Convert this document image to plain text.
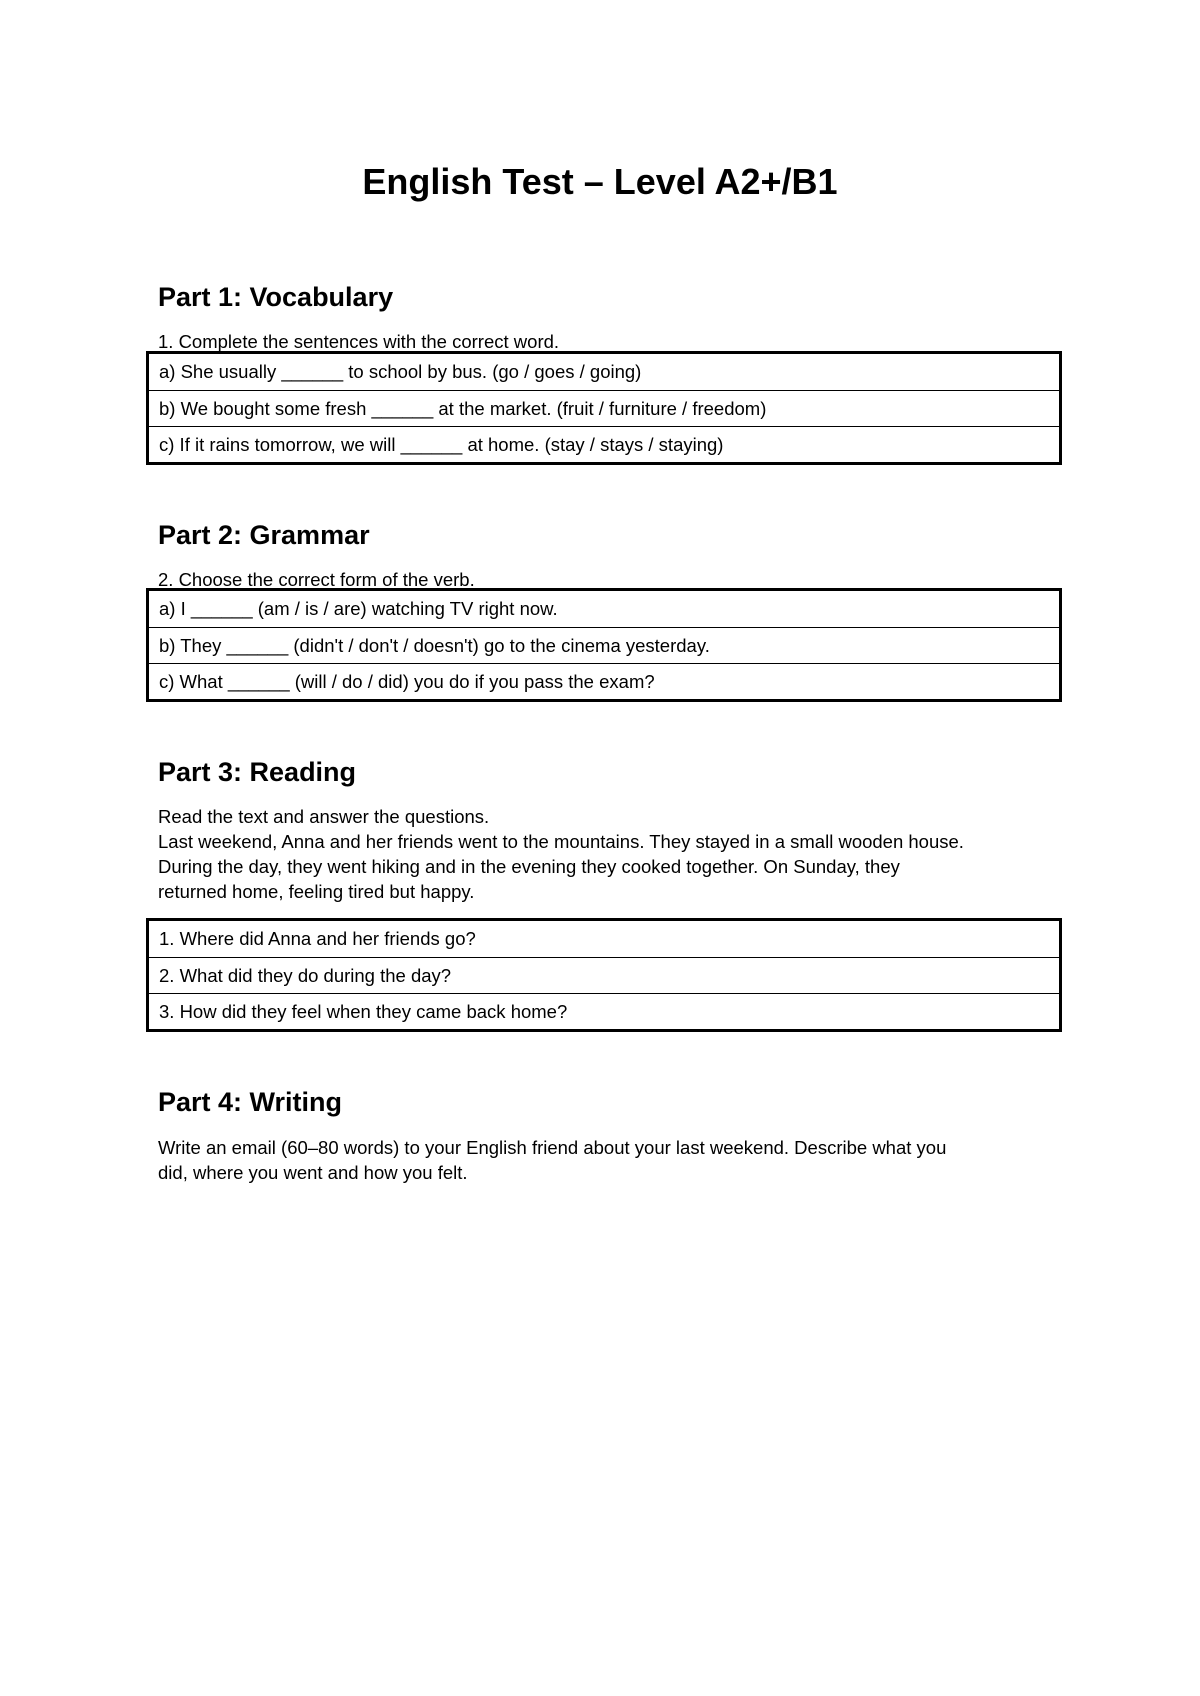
English Test – Level A2+/B1
Part 1: Vocabulary

1. Complete the sentences with the correct word.

a) She usually ______ to school by bus. (go / goes / going)
b) We bought some fresh ______ at the market. (fruit / furniture / freedom)
c) If it rains tomorrow, we will ______ at home. (stay / stays / staying)
Part 2: Grammar

2. Choose the correct form of the verb.

a) I ______ (am / is / are) watching TV right now.
b) They ______ (didn't / don't / doesn't) go to the cinema yesterday.
c) What ______ (will / do / did) you do if you pass the exam?
Part 3: Reading

Read the text and answer the questions.

Last weekend, Anna and her friends went to the mountains. They stayed in a small wooden house.

During the day, they went hiking and in the evening they cooked together. On Sunday, they

returned home, feeling tired but happy.

1. Where did Anna and her friends go?
2. What did they do during the day?
3. How did they feel when they came back home?
Part 4: Writing

Write an email (60–80 words) to your English friend about your last weekend. Describe what you

did, where you went and how you felt.
